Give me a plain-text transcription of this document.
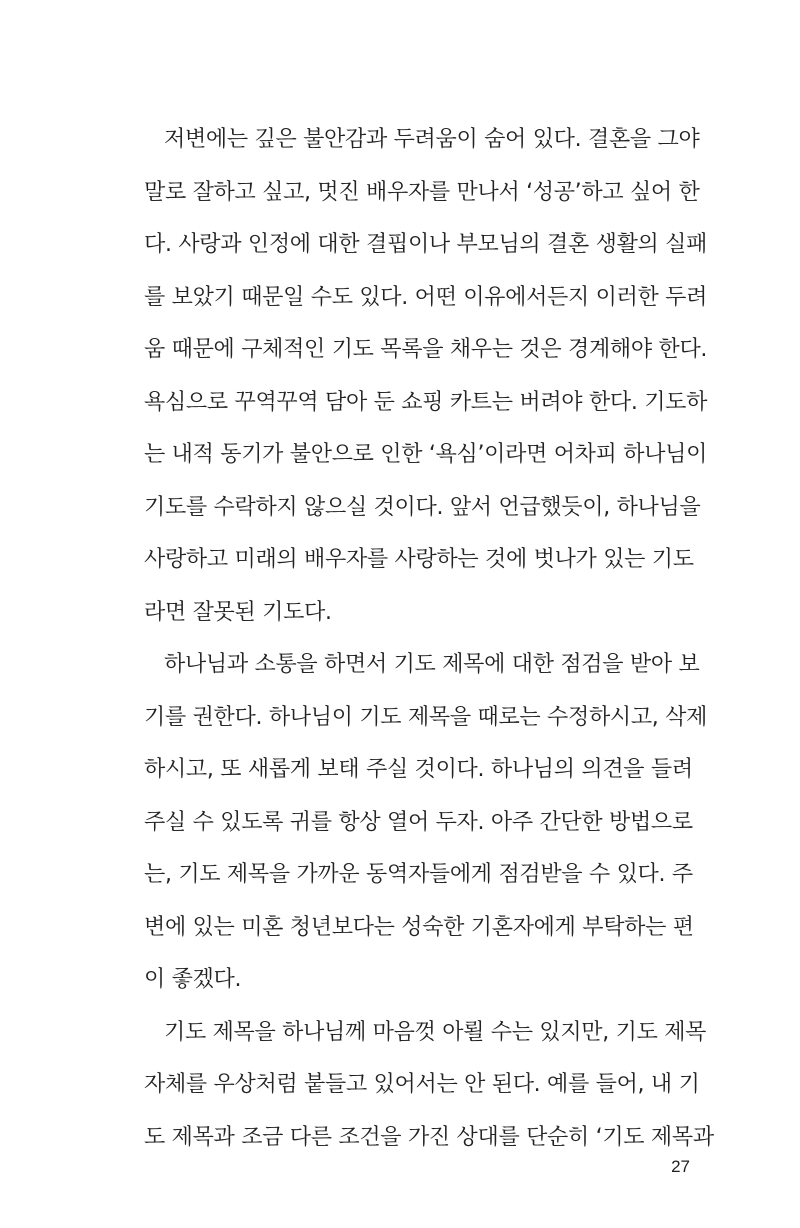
저변에는 깊은 불안감과 두려움이 숨어 있다. 결혼을 그야
말로 잘하고 싶고, 멋진 배우자를 만나서 ‘성공’하고 싶어 한
다. 사랑과 인정에 대한 결핍이나 부모님의 결혼 생활의 실패
를 보았기 때문일 수도 있다. 어떤 이유에서든지 이러한 두려
움 때문에 구체적인 기도 목록을 채우는 것은 경계해야 한다.
욕심으로 꾸역꾸역 담아 둔 쇼핑 카트는 버려야 한다. 기도하
는 내적 동기가 불안으로 인한 ‘욕심’이라면 어차피 하나님이
기도를 수락하지 않으실 것이다. 앞서 언급했듯이, 하나님을
사랑하고 미래의 배우자를 사랑하는 것에 벗나가 있는 기도
라면 잘못된 기도다.
하나님과 소통을 하면서 기도 제목에 대한 점검을 받아 보
기를 권한다. 하나님이 기도 제목을 때로는 수정하시고, 삭제
하시고, 또 새롭게 보태 주실 것이다. 하나님의 의견을 들려
주실 수 있도록 귀를 항상 열어 두자. 아주 간단한 방법으로
는, 기도 제목을 가까운 동역자들에게 점검받을 수 있다. 주
변에 있는 미혼 청년보다는 성숙한 기혼자에게 부탁하는 편
이 좋겠다.
기도 제목을 하나님께 마음껏 아뢸 수는 있지만, 기도 제목
자체를 우상처럼 붙들고 있어서는 안 된다. 예를 들어, 내 기
도 제목과 조금 다른 조건을 가진 상대를 단순히 ‘기도 제목과
27
